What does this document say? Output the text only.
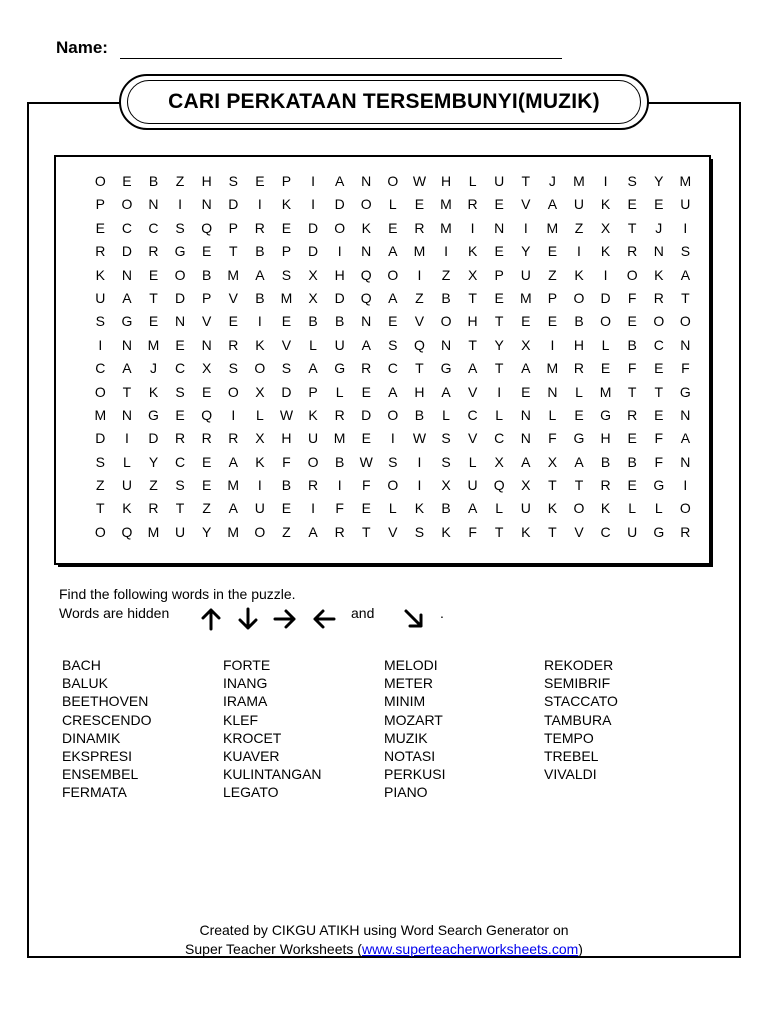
Name:
CARI PERKATAAN TERSEMBUNYI(MUZIK)
O	E	B	Z	H	S	E	P	I	A	N	O	W	H	L	U	T	J	M	I	S	Y	M
P	O	N	I	N	D	I	K	I	D	O	L	E	M	R	E	V	A	U	K	E	E	U
E	C	C	S	Q	P	R	E	D	O	K	E	R	M	I	N	I	M	Z	X	T	J	I
R	D	R	G	E	T	B	P	D	I	N	A	M	I	K	E	Y	E	I	K	R	N	S
K	N	E	O	B	M	A	S	X	H	Q	O	I	Z	X	P	U	Z	K	I	O	K	A
U	A	T	D	P	V	B	M	X	D	Q	A	Z	B	T	E	M	P	O	D	F	R	T
S	G	E	N	V	E	I	E	B	B	N	E	V	O	H	T	E	E	B	O	E	O	O
I	N	M	E	N	R	K	V	L	U	A	S	Q	N	T	Y	X	I	H	L	B	C	N
C	A	J	C	X	S	O	S	A	G	R	C	T	G	A	T	A	M	R	E	F	E	F
O	T	K	S	E	O	X	D	P	L	E	A	H	A	V	I	E	N	L	M	T	T	G
M	N	G	E	Q	I	L	W	K	R	D	O	B	L	C	L	N	L	E	G	R	E	N
D	I	D	R	R	R	X	H	U	M	E	I	W	S	V	C	N	F	G	H	E	F	A
S	L	Y	C	E	A	K	F	O	B	W	S	I	S	L	X	A	X	A	B	B	F	N
Z	U	Z	S	E	M	I	B	R	I	F	O	I	X	U	Q	X	T	T	R	E	G	I
T	K	R	T	Z	A	U	E	I	F	E	L	K	B	A	L	U	K	O	K	L	L	O
O	Q	M	U	Y	M	O	Z	A	R	T	V	S	K	F	T	K	T	V	C	U	G	R
Find the following words in the puzzle.
Words are hidden	and	.
BACH
BALUK
BEETHOVEN
CRESCENDO
DINAMIK
EKSPRESI
ENSEMBEL
FERMATA
FORTE
INANG
IRAMA
KLEF
KROCET
KUAVER
KULINTANGAN
LEGATO
MELODI
METER
MINIM
MOZART
MUZIK
NOTASI
PERKUSI
PIANO
REKODER
SEMIBRIF
STACCATO
TAMBURA
TEMPO
TREBEL
VIVALDI
Created by CIKGU ATIKH using Word Search Generator on
Super Teacher Worksheets (www.superteacherworksheets.com)
